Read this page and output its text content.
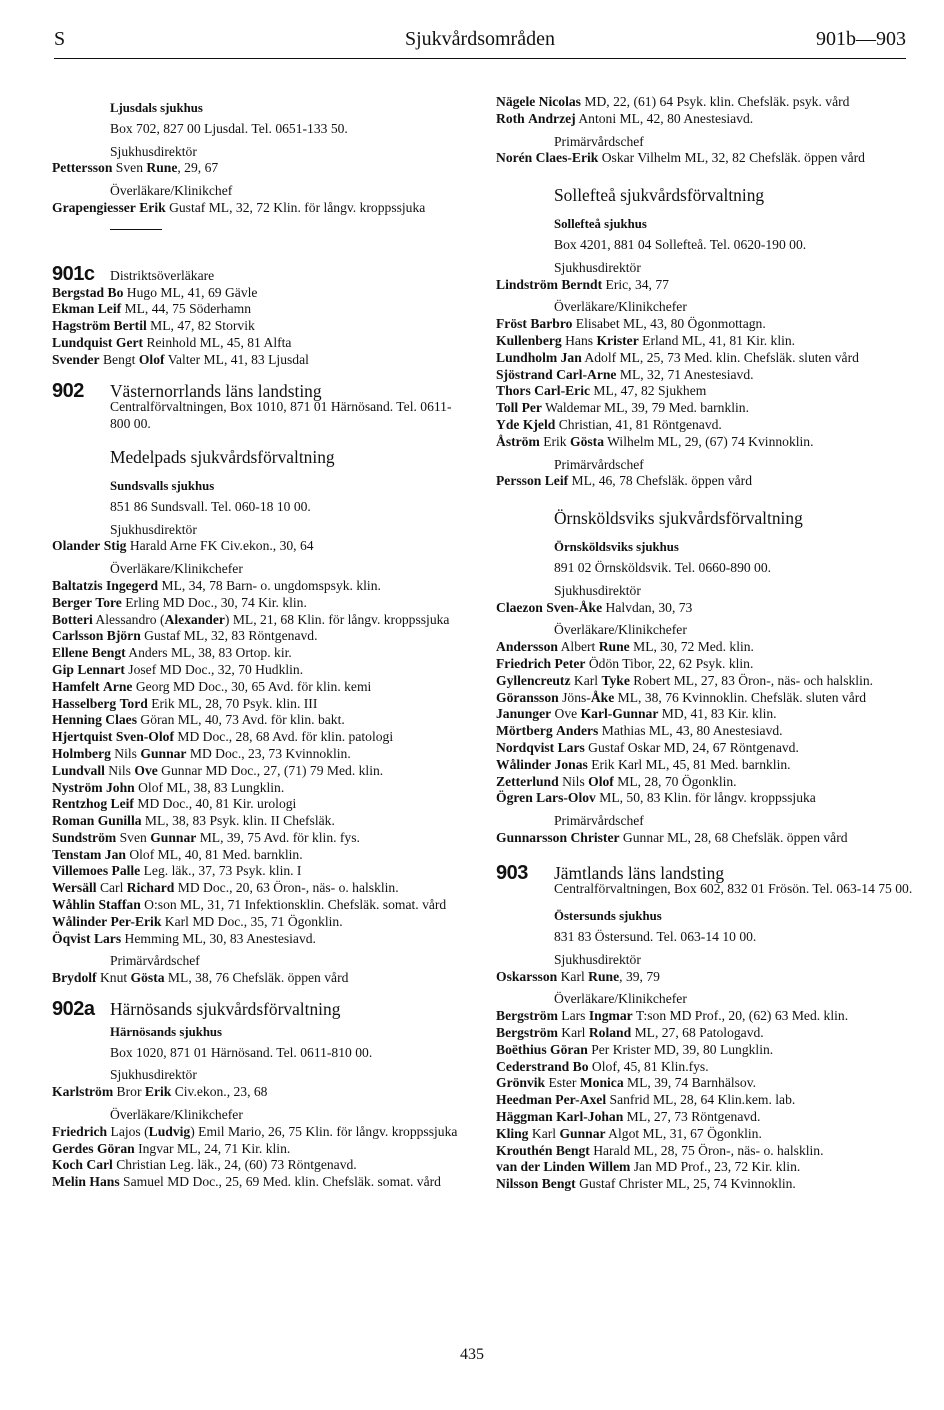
S	Sjukvårdsområden	901b—903
Ljusdals sjukhus
Box 702, 827 00 Ljusdal. Tel. 0651-133 50.
Sjukhusdirektör

Pettersson Sven Rune, 29, 67

Överläkare/Klinikchef

Grapengiesser Erik Gustaf ML, 32, 72 Klin. för långv. kroppssjuka

901c	Distriktsöverläkare

Bergstad Bo Hugo ML, 41, 69 Gävle

Ekman Leif ML, 44, 75 Söderhamn

Hagström Bertil ML, 47, 82 Storvik

Lundquist Gert Reinhold ML, 45, 81 Alfta

Svender Bengt Olof Valter ML, 41, 83 Ljusdal

902	Västernorrlands läns landsting
Centralförvaltningen, Box 1010, 871 01 Härnösand. Tel. 0611-800 00.
Medelpads sjukvårdsförvaltning
Sundsvalls sjukhus
851 86 Sundsvall. Tel. 060-18 10 00.
Sjukhusdirektör

Olander Stig Harald Arne FK Civ.ekon., 30, 64

Överläkare/Klinikchefer

Baltatzis Ingegerd ML, 34, 78 Barn- o. ungdomspsyk. klin.

Berger Tore Erling MD Doc., 30, 74 Kir. klin.

Botteri Alessandro (Alexander) ML, 21, 68 Klin. för långv. kroppssjuka

Carlsson Björn Gustaf ML, 32, 83 Röntgenavd.

Ellene Bengt Anders ML, 38, 83 Ortop. kir.

Gip Lennart Josef MD Doc., 32, 70 Hudklin.

Hamfelt Arne Georg MD Doc., 30, 65 Avd. för klin. kemi

Hasselberg Tord Erik ML, 28, 70 Psyk. klin. III

Henning Claes Göran ML, 40, 73 Avd. för klin. bakt.

Hjertquist Sven-Olof MD Doc., 28, 68 Avd. för klin. patologi

Holmberg Nils Gunnar MD Doc., 23, 73 Kvinnoklin.

Lundvall Nils Ove Gunnar MD Doc., 27, (71) 79 Med. klin.

Nyström John Olof ML, 38, 83 Lungklin.

Rentzhog Leif MD Doc., 40, 81 Kir. urologi

Roman Gunilla ML, 38, 83 Psyk. klin. II Chefsläk.

Sundström Sven Gunnar ML, 39, 75 Avd. för klin. fys.

Tenstam Jan Olof ML, 40, 81 Med. barnklin.

Villemoes Palle Leg. läk., 37, 73 Psyk. klin. I

Wersäll Carl Richard MD Doc., 20, 63 Öron-, näs- o. halsklin.

Wåhlin Staffan O:son ML, 31, 71 Infektionsklin. Chefsläk. somat. vård

Wålinder Per-Erik Karl MD Doc., 35, 71 Ögonklin.

Öqvist Lars Hemming ML, 30, 83 Anestesiavd.

Primärvårdschef

Brydolf Knut Gösta ML, 38, 76 Chefsläk. öppen vård

902a Härnösands sjukvårdsförvaltning
Härnösands sjukhus
Box 1020, 871 01 Härnösand. Tel. 0611-810 00.
Sjukhusdirektör

Karlström Bror Erik Civ.ekon., 23, 68

Överläkare/Klinikchefer

Friedrich Lajos (Ludvig) Emil Mario, 26, 75 Klin. för långv. kroppssjuka

Gerdes Göran Ingvar ML, 24, 71 Kir. klin.

Koch Carl Christian Leg. läk., 24, (60) 73 Röntgenavd.

Melin Hans Samuel MD Doc., 25, 69 Med. klin. Chefsläk. somat. vård

Nägele Nicolas MD, 22, (61) 64 Psyk. klin. Chefsläk. psyk. vård

Roth Andrzej Antoni ML, 42, 80 Anestesiavd.

Primärvårdschef

Norén Claes-Erik Oskar Vilhelm ML, 32, 82 Chefsläk. öppen vård

Sollefteå sjukvårdsförvaltning
Sollefteå sjukhus
Box 4201, 881 04 Sollefteå. Tel. 0620-190 00.
Sjukhusdirektör

Lindström Berndt Eric, 34, 77

Överläkare/Klinikchefer

Fröst Barbro Elisabet ML, 43, 80 Ögonmottagn.

Kullenberg Hans Krister Erland ML, 41, 81 Kir. klin.

Lundholm Jan Adolf ML, 25, 73 Med. klin. Chefsläk. sluten vård

Sjöstrand Carl-Arne ML, 32, 71 Anestesiavd.

Thors Carl-Eric ML, 47, 82 Sjukhem

Toll Per Waldemar ML, 39, 79 Med. barnklin.

Yde Kjeld Christian, 41, 81 Röntgenavd.

Åström Erik Gösta Wilhelm ML, 29, (67) 74 Kvinnoklin.

Primärvårdschef

Persson Leif ML, 46, 78 Chefsläk. öppen vård

Örnsköldsviks sjukvårdsförvaltning
Örnsköldsviks sjukhus
891 02 Örnsköldsvik. Tel. 0660-890 00.
Sjukhusdirektör

Claezon Sven-Åke Halvdan, 30, 73

Överläkare/Klinikchefer

Andersson Albert Rune ML, 30, 72 Med. klin.

Friedrich Peter Ödön Tibor, 22, 62 Psyk. klin.

Gyllencreutz Karl Tyke Robert ML, 27, 83 Öron-, näs- och halsklin.

Göransson Jöns-Åke ML, 38, 76 Kvinnoklin. Chefsläk. sluten vård

Janunger Ove Karl-Gunnar MD, 41, 83 Kir. klin.

Mörtberg Anders Mathias ML, 43, 80 Anestesiavd.

Nordqvist Lars Gustaf Oskar MD, 24, 67 Röntgenavd.

Wålinder Jonas Erik Karl ML, 45, 81 Med. barnklin.

Zetterlund Nils Olof ML, 28, 70 Ögonklin.

Ögren Lars-Olov ML, 50, 83 Klin. för långv. kroppssjuka

Primärvårdschef

Gunnarsson Christer Gunnar ML, 28, 68 Chefsläk. öppen vård

903	Jämtlands läns landsting
Centralförvaltningen, Box 602, 832 01 Frösön. Tel. 063-14 75 00.
Östersunds sjukhus
831 83 Östersund. Tel. 063-14 10 00.
Sjukhusdirektör

Oskarsson Karl Rune, 39, 79

Överläkare/Klinikchefer

Bergström Lars Ingmar T:son MD Prof., 20, (62) 63 Med. klin.

Bergström Karl Roland ML, 27, 68 Patologavd.

Boëthius Göran Per Krister MD, 39, 80 Lungklin.

Cederstrand Bo Olof, 45, 81 Klin.fys.

Grönvik Ester Monica ML, 39, 74 Barnhälsov.

Heedman Per-Axel Sanfrid ML, 28, 64 Klin.kem. lab.

Häggman Karl-Johan ML, 27, 73 Röntgenavd.

Kling Karl Gunnar Algot ML, 31, 67 Ögonklin.

Krouthén Bengt Harald ML, 28, 75 Öron-, näs- o. halsklin.

van der Linden Willem Jan MD Prof., 23, 72 Kir. klin.

Nilsson Bengt Gustaf Christer ML, 25, 74 Kvinnoklin.

435
